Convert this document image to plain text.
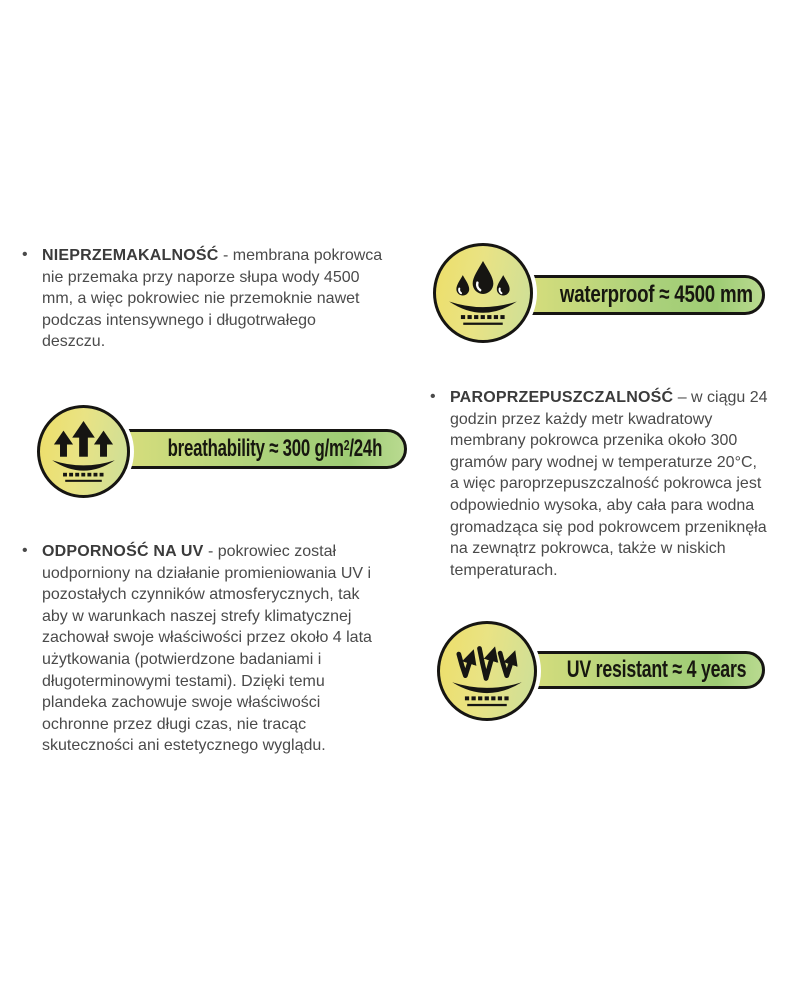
• NIEPRZEMAKALNOŚĆ - membrana pokrowca
nie przemaka przy naporze słupa wody 4500
mm, a więc pokrowiec nie przemoknie nawet
podczas intensywnego i długotrwałego
deszczu.
waterproof ≈ 4500 mm
breathability ≈ 300 $g/m^2/24h$
• ODPORNOŚĆ NA UV - pokrowiec został
uodporniony na działanie promieniowania UV i
pozostałych czynników atmosferycznych, tak
aby w warunkach naszej strefy klimatycznej
zachował swoje właściwości przez około 4 lata
użytkowania (potwierdzone badaniami i
długoterminowymi testami). Dzięki temu
plandeka zachowuje swoje właściwości
ochronne przez długi czas, nie tracąc
skuteczności ani estetycznego wyglądu.
• PAROPRZEPUSZCZALNOŚĆ – w ciągu 24
godzin przez każdy metr kwadratowy
membrany pokrowca przenika około 300
gramów pary wodnej w temperaturze 20°C,
a więc paroprzepuszczalność pokrowca jest
odpowiednio wysoka, aby cała para wodna
gromadząca się pod pokrowcem przeniknęła
na zewnątrz pokrowca, także w niskich
temperaturach.
UV resistant ≈ 4 years
